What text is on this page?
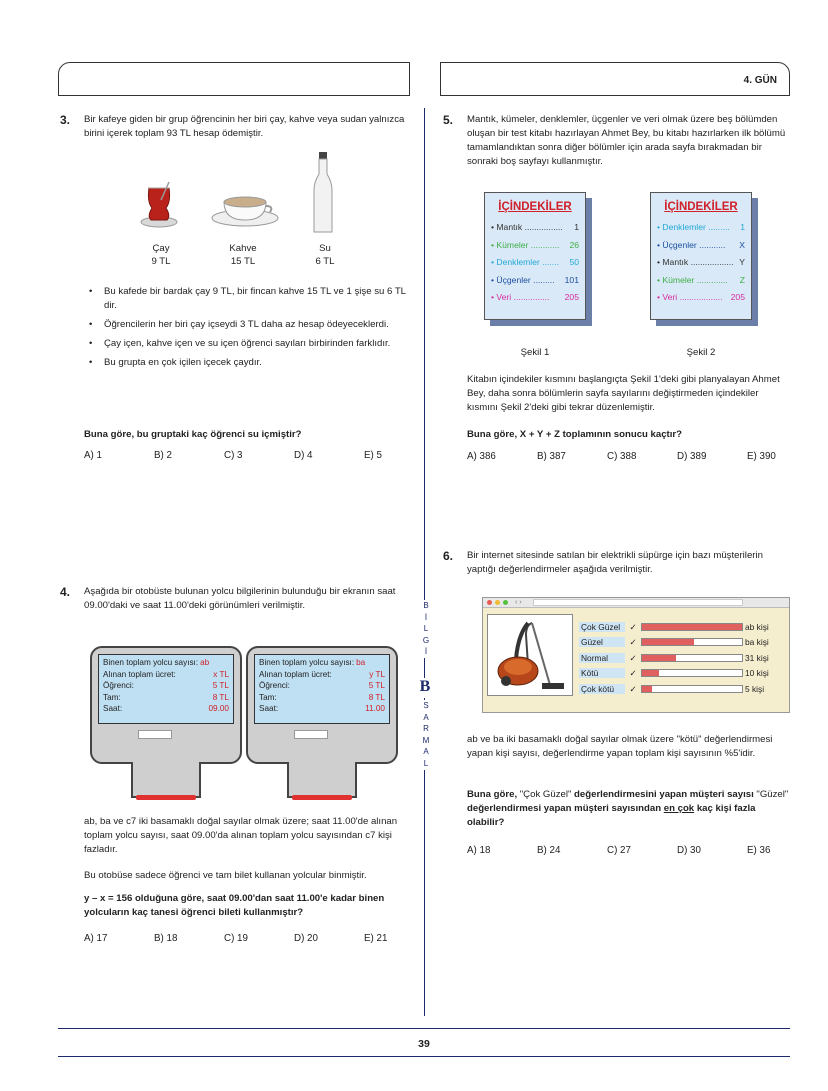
4. GÜN
B
İ
L
G
İ
B
S
A
R
M
A
L
3. Bir kafeye giden bir grup öğrencinin her biri çay, kahve veya sudan yalnızca birini içerek toplam 93 TL hesap ödemiştir.
Çay
9 TL
Kahve
15 TL
Su
6 TL
•	Bu kafede bir bardak çay 9 TL, bir fincan kahve 15 TL ve 1 şişe su 6 TL dir.
•	Öğrencilerin her biri çay içseydi 3 TL daha az hesap ödeyeceklerdi.
•	Çay içen, kahve içen ve su içen öğrenci sayıları birbirinden farklıdır.
•	Bu grupta en çok içilen içecek çaydır.
Buna göre, bu gruptaki kaç öğrenci su içmiştir?
A) 1	B) 2	C) 3	D) 4	E) 5
4. Aşağıda bir otobüste bulunan yolcu bilgilerinin bulunduğu bir ekranın saat 09.00'daki ve saat 11.00'deki görünümleri verilmiştir.
Binen toplam yolcu sayısı: ab
Alınan toplam ücret:	x TL
Öğrenci:	5 TL
Tam:	8 TL
Saat:	09.00
Binen toplam yolcu sayısı: ba
Alınan toplam ücret:	y TL
Öğrenci:	5 TL
Tam:	8 TL
Saat:	11.00
ab, ba ve c7 iki basamaklı doğal sayılar olmak üzere; saat 11.00'de alınan toplam yolcu sayısı, saat 09.00'da alınan toplam yolcu sayısından c7 kişi fazladır.
Bu otobüse sadece öğrenci ve tam bilet kullanan yolcular binmiştir.
y – x = 156 olduğuna göre, saat 09.00'dan saat 11.00'e kadar binen yolcuların kaç tanesi öğrenci bileti kullanmıştır?
A) 17	B) 18	C) 19	D) 20	E) 21
5. Mantık, kümeler, denklemler, üçgenler ve veri olmak üzere beş bölümden oluşan bir test kitabı hazırlayan Ahmet Bey, bu kitabı hazırlarken ilk bölümü tamamlandıktan sonra diğer bölümler için arada sayfa bırakmadan bir sonraki boş sayfayı kullanmıştır.
İÇİNDEKİLER
• Mantık ................ 1
• Kümeler ............ 26
• Denklemler ....... 50
• Üçgenler ......... 101
• Veri ............... 205
İÇİNDEKİLER
• Denklemler ......... 1
• Üçgenler ........... X
• Mantık .................. Y
• Kümeler ............. Z
• Veri .................. 205
Şekil 1	Şekil 2
Kitabın içindekiler kısmını başlangıçta Şekil 1'deki gibi planyalayan Ahmet Bey, daha sonra bölümlerin sayfa sayılarını değiştirmeden içindekiler kısmını Şekil 2'deki gibi tekrar düzenlemiştir.
Buna göre, X + Y + Z toplamının sonucu kaçtır?
A) 386	B) 387	C) 388	D) 389	E) 390
6. Bir internet sitesinde satılan bir elektrikli süpürge için bazı müşterilerin yaptığı değerlendirmeler aşağıda verilmiştir.
‹ ›
Çok Güzel	✓	ab kişi
Güzel	✓	ba kişi
Normal	✓	31 kişi
Kötü	✓	10 kişi
Çok kötü	✓	5 kişi
ab ve ba iki basamaklı doğal sayılar olmak üzere "kötü" değerlendirmesi yapan kişi sayısı, değerlendirme yapan toplam kişi sayısının %5'idir.
Buna göre, "Çok Güzel" değerlendirmesini yapan müşteri sayısı "Güzel" değerlendirmesi yapan müşteri sayısından en çok kaç kişi fazla olabilir?
A) 18	B) 24	C) 27	D) 30	E) 36
39
